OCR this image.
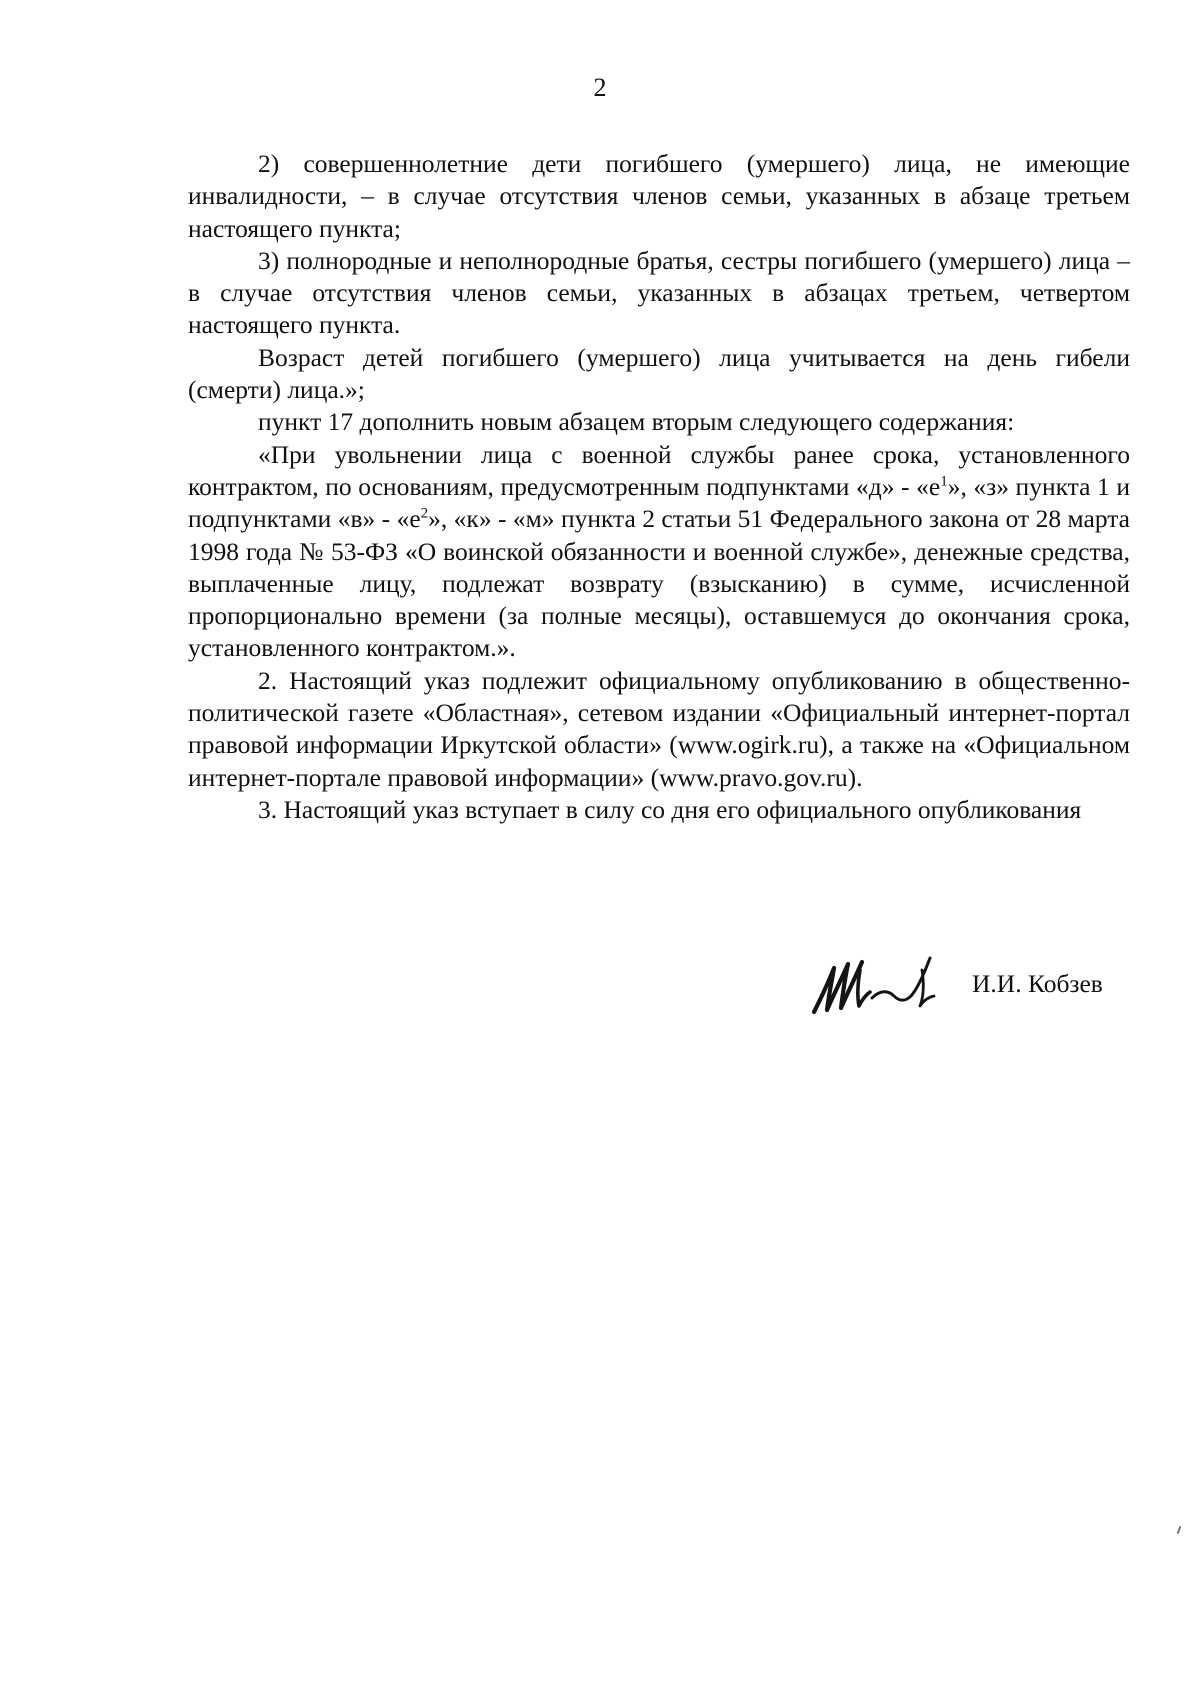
2

2) совершеннолетние дети погибшего (умершего) лица, не имеющие инвалидности, – в случае отсутствия членов семьи, указанных в абзаце третьем настоящего пункта;

3) полнородные и неполнородные братья, сестры погибшего (умершего) лица – в случае отсутствия членов семьи, указанных в абзацах третьем, четвертом настоящего пункта.

Возраст детей погибшего (умершего) лица учитывается на день гибели (смерти) лица.»;

пункт 17 дополнить новым абзацем вторым следующего содержания:

«При увольнении лица с военной службы ранее срока, установленного контрактом, по основаниям, предусмотренным подпунктами «д» - «$е^1$», «з» пункта 1 и подпунктами «в» - «$е^2$», «к» - «м» пункта 2 статьи 51 Федерального закона от 28 марта 1998 года № 53-ФЗ «О воинской обязанности и военной службе», денежные средства, выплаченные лицу, подлежат возврату (взысканию) в сумме, исчисленной пропорционально времени (за полные месяцы), оставшемуся до окончания срока, установленного контрактом.».

2. Настоящий указ подлежит официальному опубликованию в общественно-политической газете «Областная», сетевом издании «Официальный интернет-портал правовой информации Иркутской области» (www.ogirk.ru), а также на «Официальном интернет-портале правовой информации» (www.pravo.gov.ru).

3. Настоящий указ вступает в силу со дня его официального опубликования

И.И. Кобзев
